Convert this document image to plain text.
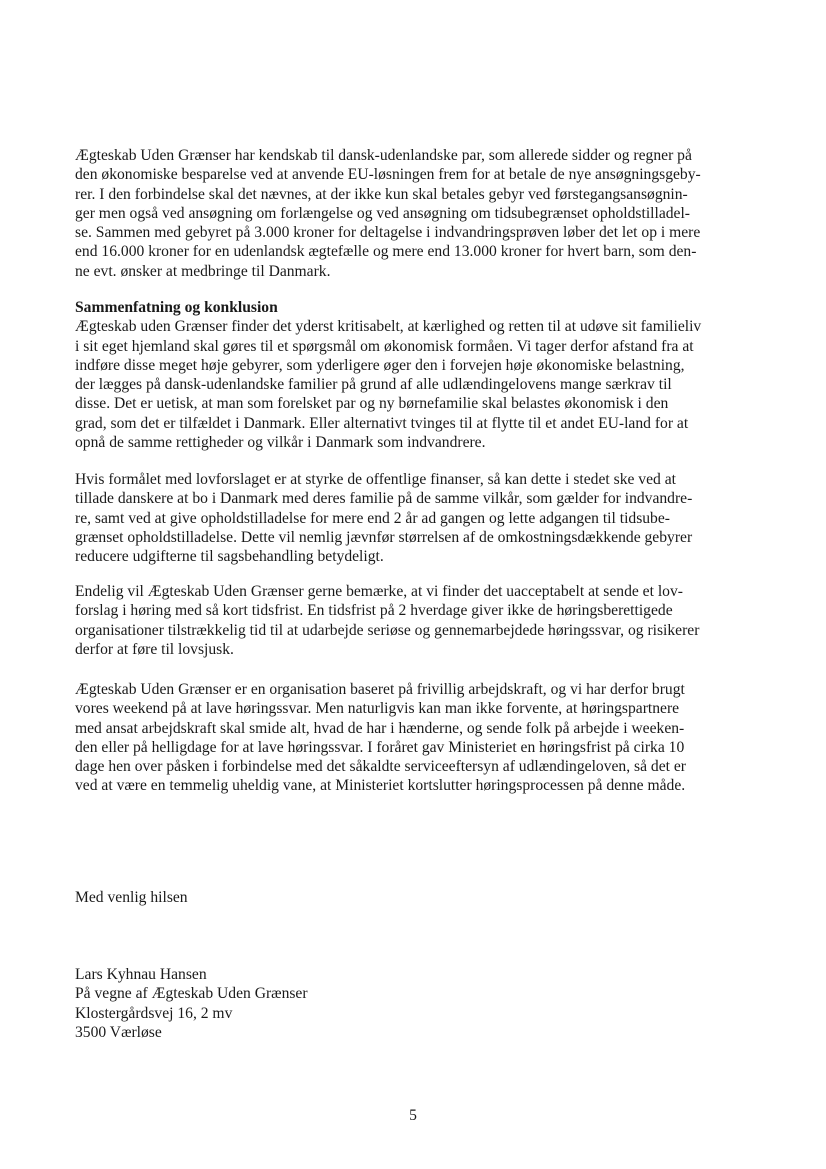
Ægteskab Uden Grænser har kendskab til dansk-udenlandske par, som allerede sidder og regner på
den økonomiske besparelse ved at anvende EU-løsningen frem for at betale de nye ansøgningsgeby-
rer. I den forbindelse skal det nævnes, at der ikke kun skal betales gebyr ved førstegangsansøgnin-
ger men også ved ansøgning om forlængelse og ved ansøgning om tidsubegrænset opholdstilladel-
se. Sammen med gebyret på 3.000 kroner for deltagelse i indvandringsprøven løber det let op i mere
end 16.000 kroner for en udenlandsk ægtefælle og mere end 13.000 kroner for hvert barn, som den-
ne evt. ønsker at medbringe til Danmark.
Sammenfatning og konklusion
Ægteskab uden Grænser finder det yderst kritisabelt, at kærlighed og retten til at udøve sit familieliv
i sit eget hjemland skal gøres til et spørgsmål om økonomisk formåen. Vi tager derfor afstand fra at
indføre disse meget høje gebyrer, som yderligere øger den i forvejen høje økonomiske belastning,
der lægges på dansk-udenlandske familier på grund af alle udlændingelovens mange særkrav til
disse. Det er uetisk, at man som forelsket par og ny børnefamilie skal belastes økonomisk i den
grad, som det er tilfældet i Danmark. Eller alternativt tvinges til at flytte til et andet EU-land for at
opnå de samme rettigheder og vilkår i Danmark som indvandrere.
Hvis formålet med lovforslaget er at styrke de offentlige finanser, så kan dette i stedet ske ved at
tillade danskere at bo i Danmark med deres familie på de samme vilkår, som gælder for indvandre-
re, samt ved at give opholdstilladelse for mere end 2 år ad gangen og lette adgangen til tidsube-
grænset opholdstilladelse. Dette vil nemlig jævnfør størrelsen af de omkostningsdækkende gebyrer
reducere udgifterne til sagsbehandling betydeligt.
Endelig vil Ægteskab Uden Grænser gerne bemærke, at vi finder det uacceptabelt at sende et lov-
forslag i høring med så kort tidsfrist. En tidsfrist på 2 hverdage giver ikke de høringsberettigede
organisationer tilstrækkelig tid til at udarbejde seriøse og gennemarbejdede høringssvar, og risikerer
derfor at føre til lovsjusk.
Ægteskab Uden Grænser er en organisation baseret på frivillig arbejdskraft, og vi har derfor brugt
vores weekend på at lave høringssvar. Men naturligvis kan man ikke forvente, at høringspartnere
med ansat arbejdskraft skal smide alt, hvad de har i hænderne, og sende folk på arbejde i weeken-
den eller på helligdage for at lave høringssvar. I foråret gav Ministeriet en høringsfrist på cirka 10
dage hen over påsken i forbindelse med det såkaldte serviceeftersyn af udlændingeloven, så det er
ved at være en temmelig uheldig vane, at Ministeriet kortslutter høringsprocessen på denne måde.
Med venlig hilsen
Lars Kyhnau Hansen
På vegne af Ægteskab Uden Grænser
Klostergårdsvej 16, 2 mv
3500 Værløse
5
